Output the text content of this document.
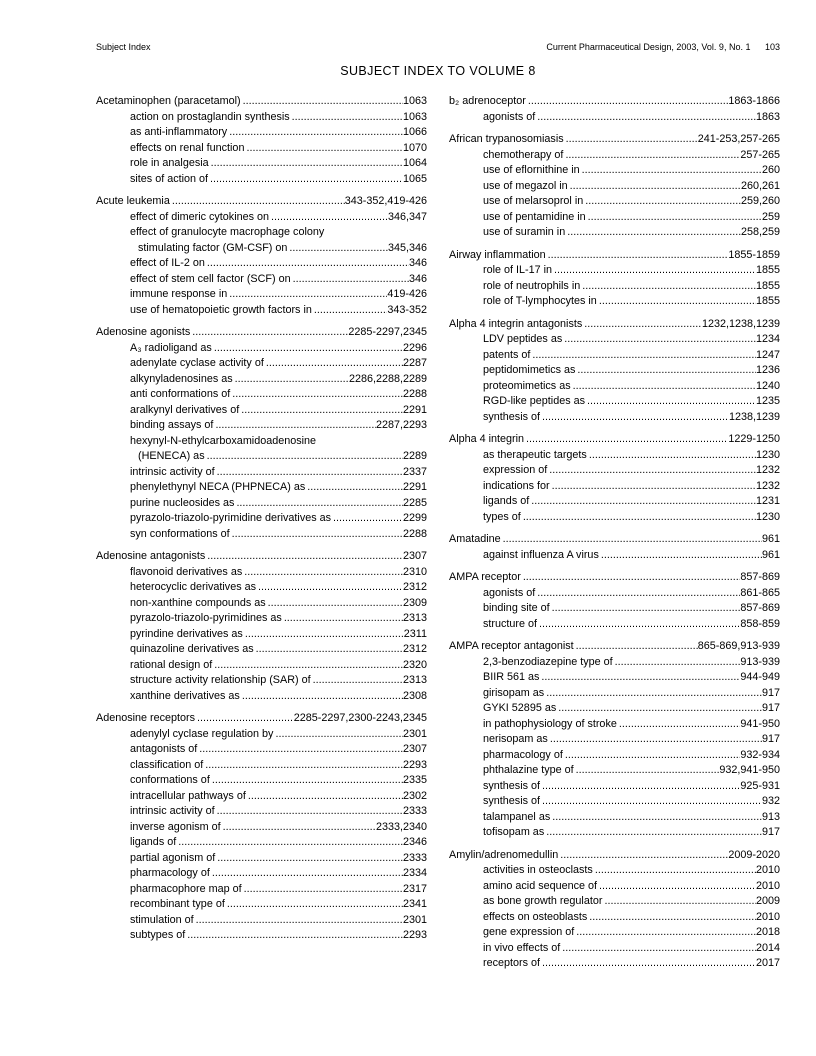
Subject Index	Current Pharmaceutical Design, 2003, Vol. 9, No. 1 103
SUBJECT INDEX TO VOLUME 8
Acetaminophen (paracetamol) .....	1063
action on prostaglandin synthesis .....	1063
as anti-inflammatory .....	1066
effects on renal function .....	1070
role in analgesia .....	1064
sites of action of .....	1065
Acute leukemia .....	343-352,419-426
effect of dimeric cytokines on .....	346,347
effect of granulocyte macrophage colony
stimulating factor (GM-CSF) on .....	345,346
effect of IL-2 on .....	346
effect of stem cell factor (SCF) on .....	346
immune response in .....	419-426
use of hematopoietic growth factors in .....	343-352
Adenosine agonists .....	2285-2297,2345
A₃ radioligand as .....	2296
adenylate cyclase activity of .....	2287
alkynyladenosines as .....	2286,2288,2289
anti conformations of .....	2288
aralkynyl derivatives of .....	2291
binding assays of .....	2287,2293
hexynyl-N-ethylcarboxamidoadenosine
(HENECA) as .....	2289
intrinsic activity of .....	2337
phenylethynyl NECA (PHPNECA) as .....	2291
purine nucleosides as .....	2285
pyrazolo-triazolo-pyrimidine derivatives as .....	2299
syn conformations of .....	2288
Adenosine antagonists .....	2307
flavonoid derivatives as .....	2310
heterocyclic derivatives as .....	2312
non-xanthine compounds as .....	2309
pyrazolo-triazolo-pyrimidines as .....	2313
pyrindine derivatives as .....	2311
quinazoline derivatives as .....	2312
rational design of .....	2320
structure activity relationship (SAR) of .....	2313
xanthine derivatives as .....	2308
Adenosine receptors .....	2285-2297,2300-2243,2345
adenylyl cyclase regulation by .....	2301
antagonists of .....	2307
classification of .....	2293
conformations of .....	2335
intracellular pathways of .....	2302
intrinsic activity of .....	2333
inverse agonism of .....	2333,2340
ligands of .....	2346
partial agonism of .....	2333
pharmacology of .....	2334
pharmacophore map of .....	2317
recombinant type of .....	2341
stimulation of .....	2301
subtypes of .....	2293
b₂ adrenoceptor .....	1863-1866
agonists of .....	1863
African trypanosomiasis .....	241-253,257-265
chemotherapy of .....	257-265
use of eflornithine in .....	260
use of megazol in .....	260,261
use of melarsoprol in .....	259,260
use of pentamidine in .....	259
use of suramin in .....	258,259
Airway inflammation .....	1855-1859
role of IL-17 in .....	1855
role of neutrophils in .....	1855
role of T-lymphocytes in .....	1855
Alpha 4 integrin antagonists .....	1232,1238,1239
LDV peptides as .....	1234
patents of .....	1247
peptidomimetics as .....	1236
proteomimetics as .....	1240
RGD-like peptides as .....	1235
synthesis of .....	1238,1239
Alpha 4 integrin .....	1229-1250
as therapeutic targets .....	1230
expression of .....	1232
indications for .....	1232
ligands of .....	1231
types of .....	1230
Amatadine .....	961
against influenza A virus .....	961
AMPA receptor .....	857-869
agonists of .....	861-865
binding site of .....	857-869
structure of .....	858-859
AMPA receptor antagonist .....	865-869,913-939
2,3-benzodiazepine type of .....	913-939
BIIR 561 as .....	944-949
girisopam as .....	917
GYKI 52895 as .....	917
in pathophysiology of stroke .....	941-950
nerisopam as .....	917
pharmacology of .....	932-934
phthalazine type of .....	932,941-950
synthesis of .....	925-931
synthesis of .....	932
talampanel as .....	913
tofisopam as .....	917
Amylin/adrenomedullin .....	2009-2020
activities in osteoclasts .....	2010
amino acid sequence of .....	2010
as bone growth regulator .....	2009
effects on osteoblasts .....	2010
gene expression of .....	2018
in vivo effects of .....	2014
receptors of .....	2017
